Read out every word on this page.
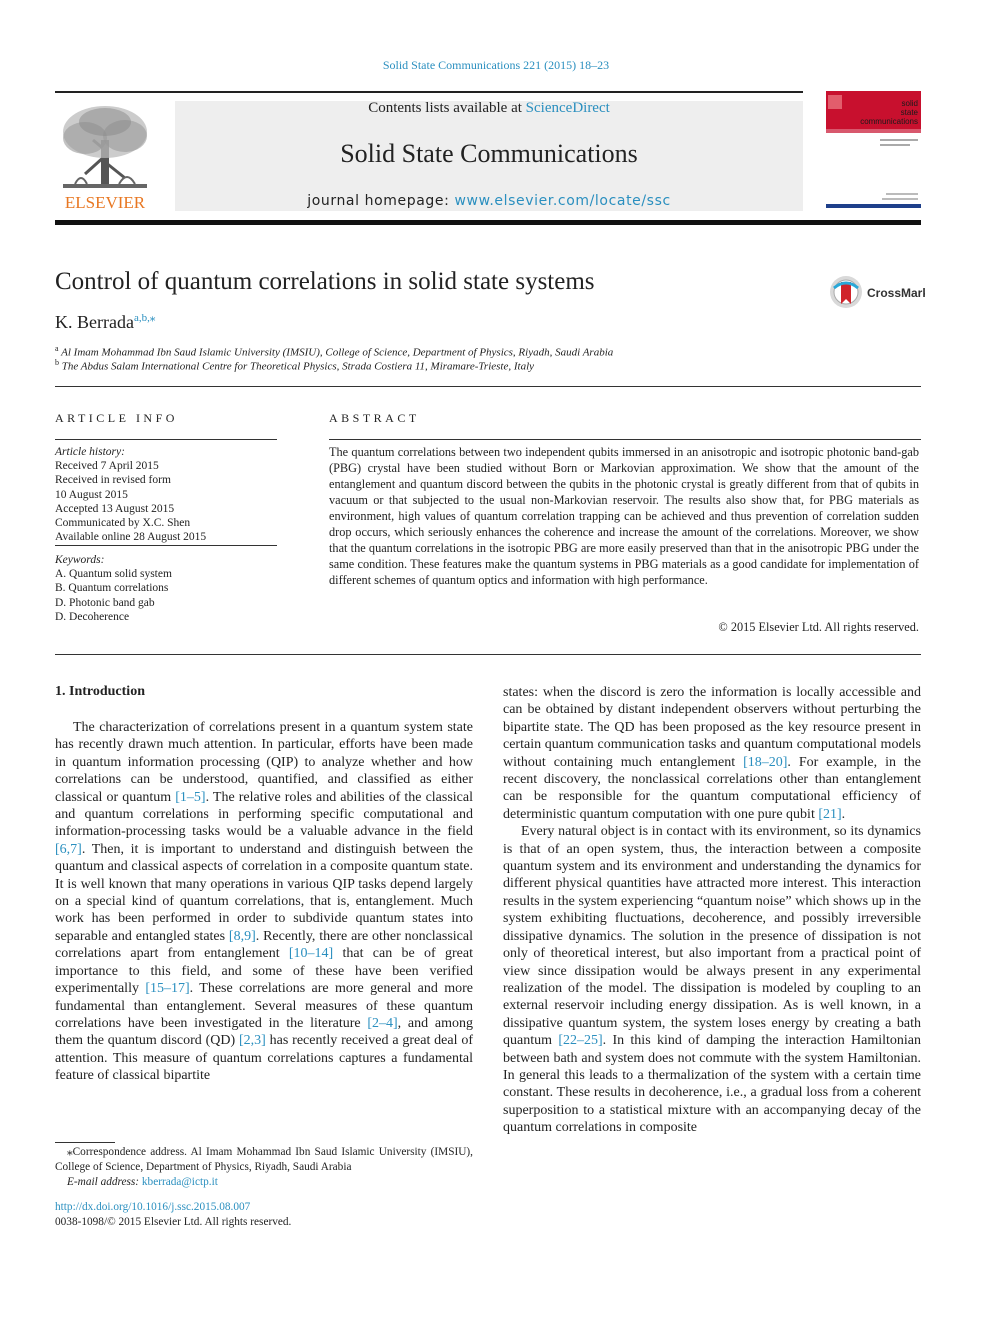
Solid State Communications 221 (2015) 18–23
ELSEVIER
Contents lists available at ScienceDirect
Solid State Communications
journal homepage: www.elsevier.com/locate/ssc
solid
state
communications
Control of quantum correlations in solid state systems	CrossMark
K. Berrada$^{a,b,⁎}$
$^a$ Al Imam Mohammad Ibn Saud Islamic University (IMSIU), College of Science, Department of Physics, Riyadh, Saudi Arabia
$^b$ The Abdus Salam International Centre for Theoretical Physics, Strada Costiera 11, Miramare-Trieste, Italy
ARTICLE INFO	ABSTRACT
Article history:
Received 7 April 2015
Received in revised form
10 August 2015
Accepted 13 August 2015
Communicated by X.C. Shen
Available online 28 August 2015
Keywords:
A. Quantum solid system
B. Quantum correlations
D. Photonic band gab
D. Decoherence
The quantum correlations between two independent qubits immersed in an anisotropic and isotropic photonic band-gab (PBG) crystal have been studied without Born or Markovian approximation. We show that the amount of the entanglement and quantum discord between the qubits in the photonic crystal is greatly different from that of qubits in vacuum or that subjected to the usual non-Markovian reservoir. The results also show that, for PBG materials as environment, high values of quantum correlation trapping can be achieved and thus prevention of correlation sudden drop occurs, which seriously enhances the coherence and increase the amount of the correlations. Moreover, we show that the quantum correlations in the isotropic PBG are more easily preserved than that in the anisotropic PBG under the same condition. These features make the quantum systems in PBG materials as a good candidate for implementation of different schemes of quantum optics and information with high performance.
© 2015 Elsevier Ltd. All rights reserved.
1. Introduction

The characterization of correlations present in a quantum system state has recently drawn much attention. In particular, efforts have been made in quantum information processing (QIP) to analyze whether and how correlations can be understood, quantified, and classified as either classical or quantum [1–5]. The relative roles and abilities of the classical and quantum correlations in performing specific computational and information-processing tasks would be a valuable advance in the field [6,7]. Then, it is important to understand and distinguish between the quantum and classical aspects of correlation in a composite quantum state. It is well known that many operations in various QIP tasks depend largely on a special kind of quantum correlations, that is, entanglement. Much work has been performed in order to subdivide quantum states into separable and entangled states [8,9]. Recently, there are other nonclassical correlations apart from entanglement [10–14] that can be of great importance to this field, and some of these have been verified experimentally [15–17]. These correlations are more general and more fundamental than entanglement. Several measures of these quantum correlations have been investigated in the literature [2–4], and among them the quantum discord (QD) [2,3] has recently received a great deal of attention. This measure of quantum correlations captures a fundamental feature of classical bipartite

states: when the discord is zero the information is locally accessible and can be obtained by distant independent observers without perturbing the bipartite state. The QD has been proposed as the key resource present in certain quantum communication tasks and quantum computational models without containing much entanglement [18–20]. For example, in the recent discovery, the nonclassical correlations other than entanglement can be responsible for the quantum computational efficiency of deterministic quantum computation with one pure qubit [21].

Every natural object is in contact with its environment, so its dynamics is that of an open system, thus, the interaction between a composite quantum system and its environment and understanding the dynamics for different physical quantities have attracted more interest. This interaction results in the system experiencing “quantum noise” which shows up in the system exhibiting fluctuations, decoherence, and possibly irreversible dissipative dynamics. The solution in the presence of dissipation is not only of theoretical interest, but also important from a practical point of view since dissipation would be always present in any experimental realization of the model. The dissipation is modeled by coupling to an external reservoir including energy dissipation. As is well known, in a dissipative quantum system, the system loses energy by creating a bath quantum [22–25]. In this kind of damping the interaction Hamiltonian between bath and system does not commute with the system Hamiltonian. In general this leads to a thermalization of the system with a certain time constant. These results in decoherence, i.e., a gradual loss from a coherent superposition to a statistical mixture with an accompanying decay of the quantum correlations in composite

⁎Correspondence address. Al Imam Mohammad Ibn Saud Islamic University (IMSIU), College of Science, Department of Physics, Riyadh, Saudi Arabia
E-mail address: kberrada@ictp.it
http://dx.doi.org/10.1016/j.ssc.2015.08.007
0038-1098/© 2015 Elsevier Ltd. All rights reserved.
